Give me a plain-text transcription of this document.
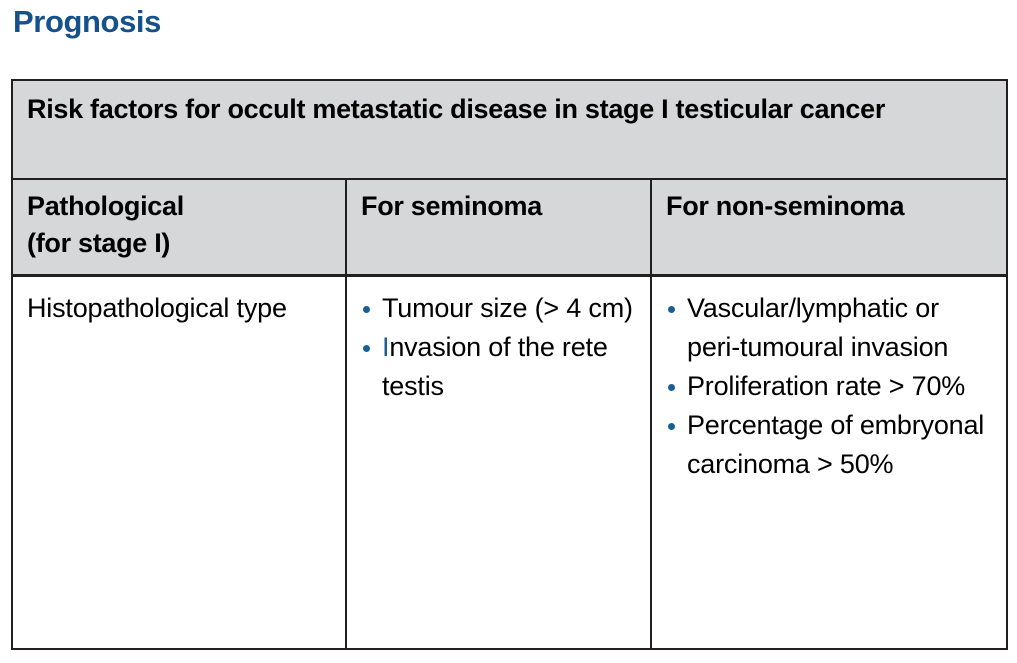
Prognosis
Risk factors for occult metastatic disease in stage I testicular cancer
Pathological
(for stage I)
For seminoma	For non-seminoma
Histopathological type	Tumour size (> 4 cm)
Invasion of the rete testis
Vascular/lymphatic or peri-tumoural invasion
Proliferation rate > 70%
Percentage of embryonal carcinoma > 50%
